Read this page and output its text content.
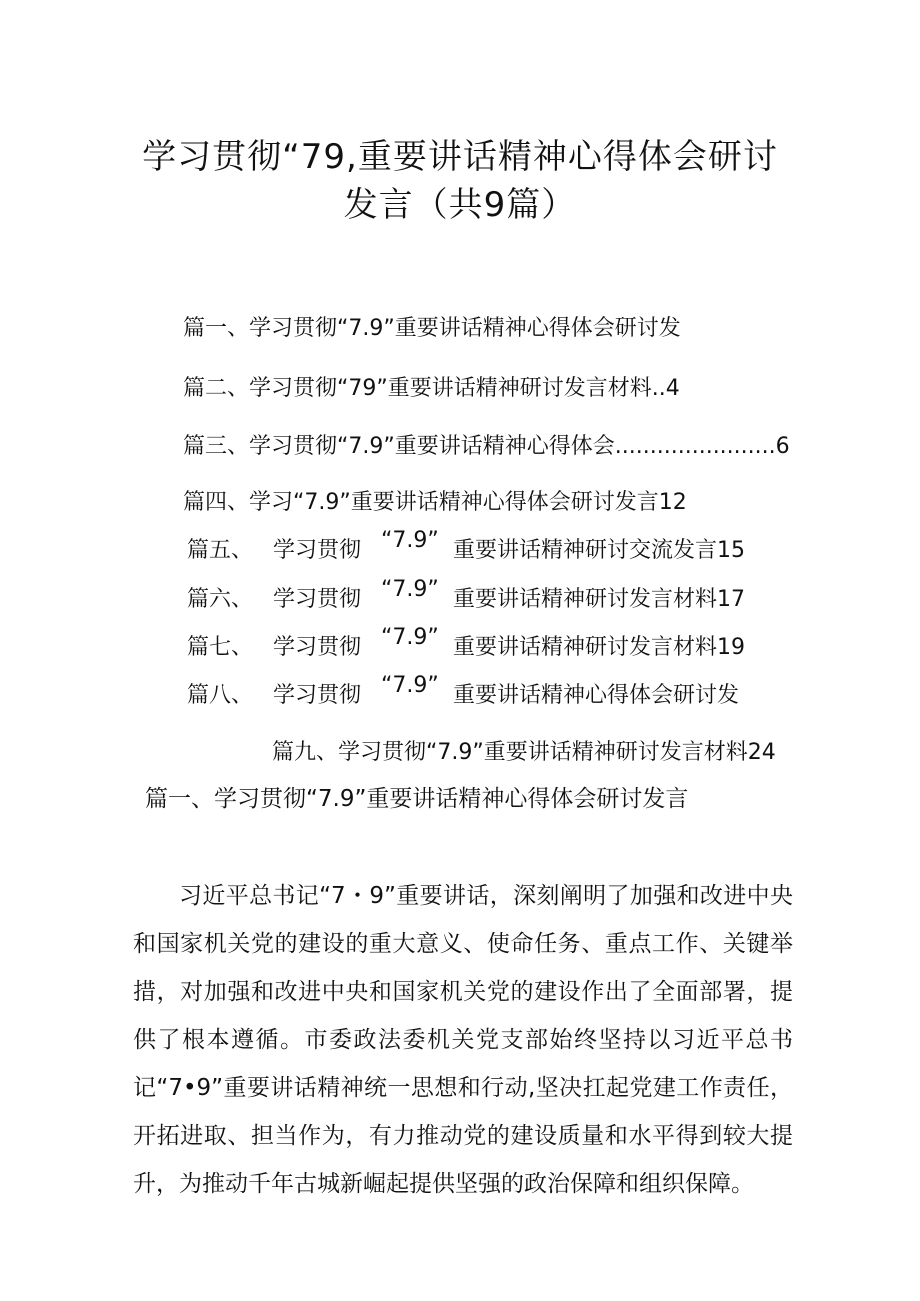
学习贯彻“79,重要讲话精神心得体会研讨
发言（共9篇）
篇一、学习贯彻“7.9”重要讲话精神心得体会研讨发
篇二、学习贯彻“79”重要讲话精神研讨发言材料..4
篇三、学习贯彻“7.9”重要讲话精神心得体会.......................6
篇四、学习“7.9”重要讲话精神心得体会研讨发言12
篇五、 学习贯彻 “7.9” 重要讲话精神研讨交流发言15
篇六、 学习贯彻 “7.9” 重要讲话精神研讨发言材料17
篇七、 学习贯彻 “7.9” 重要讲话精神研讨发言材料19
篇八、 学习贯彻 “7.9” 重要讲话精神心得体会研讨发
篇九、学习贯彻“7.9”重要讲话精神研讨发言材料24
篇一、学习贯彻“7.9”重要讲话精神心得体会研讨发言

习近平总书记“7・9”重要讲话，深刻阐明了加强和改进中央和国家机关党的建设的重大意义、使命任务、重点工作、关键举措，对加强和改进中央和国家机关党的建设作出了全面部署，提供了根本遵循。市委政法委机关党支部始终坚持以习近平总书记“7•9”重要讲话精神统一思想和行动,坚决扛起党建工作责任，开拓进取、担当作为，有力推动党的建设质量和水平得到较大提升，为推动千年古城新崛起提供坚强的政治保障和组织保障。
